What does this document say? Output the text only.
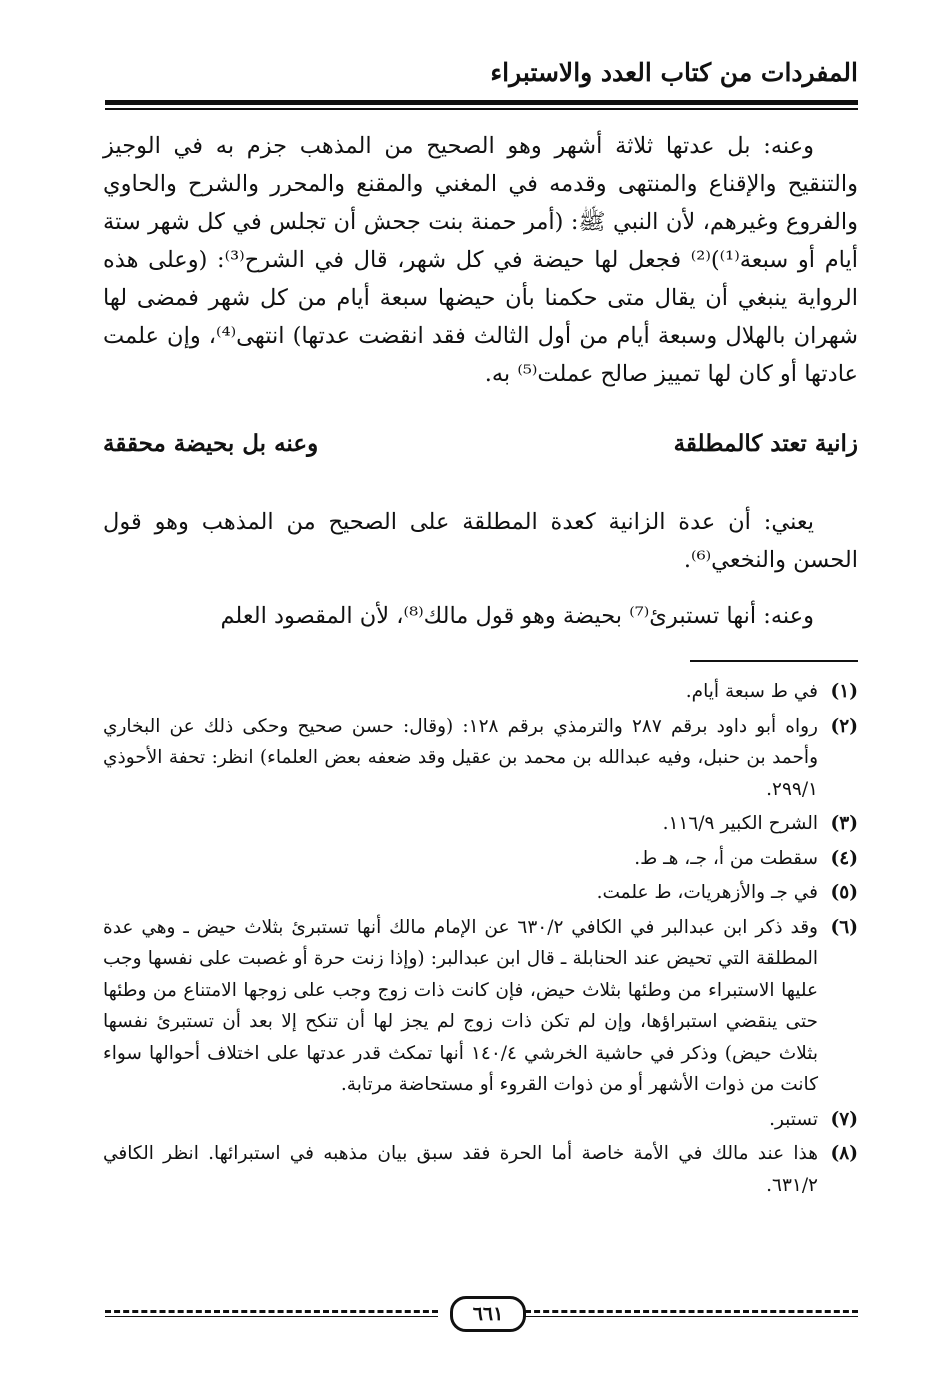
المفردات من كتاب العدد والاستبراء

وعنه: بل عدتها ثلاثة أشهر وهو الصحيح من المذهب جزم به في الوجيز والتنقيح والإقناع والمنتهى وقدمه في المغني والمقنع والمحرر والشرح والحاوي والفروع وغيرهم، لأن النبي ﷺ: (أمر حمنة بنت جحش أن تجلس في كل شهر ستة أيام أو سبعة⁽¹⁾)⁽²⁾ فجعل لها حيضة في كل شهر، قال في الشرح⁽³⁾: (وعلى هذه الرواية ينبغي أن يقال متى حكمنا بأن حيضها سبعة أيام من كل شهر فمضى لها شهران بالهلال وسبعة أيام من أول الثالث فقد انقضت عدتها) انتهى⁽⁴⁾، وإن علمت عادتها أو كان لها تمييز صالح عملت⁽⁵⁾ به.

زانية تعتد كالمطلقة
وعنه بل بحيضة محققة

يعني: أن عدة الزانية كعدة المطلقة على الصحيح من المذهب وهو قول الحسن والنخعي⁽⁶⁾.

وعنه: أنها تستبرئ⁽⁷⁾ بحيضة وهو قول مالك⁽⁸⁾، لأن المقصود العلم

(١)
في ط سبعة أيام.
(٢)
رواه أبو داود برقم ٢٨٧ والترمذي برقم ١٢٨: (وقال: حسن صحيح وحكى ذلك عن البخاري وأحمد بن حنبل، وفيه عبدالله بن محمد بن عقيل وقد ضعفه بعض العلماء) انظر: تحفة الأحوذي ٢٩٩/١.
(٣)
الشرح الكبير ١١٦/٩.
(٤)
سقطت من أ، جـ، هـ ط.
(٥)
في جـ والأزهريات، ط علمت.
(٦)
وقد ذكر ابن عبدالبر في الكافي ٦٣٠/٢ عن الإمام مالك أنها تستبرئ بثلاث حيض ـ وهي عدة المطلقة التي تحيض عند الحنابلة ـ قال ابن عبدالبر: (وإذا زنت حرة أو غصبت على نفسها وجب عليها الاستبراء من وطئها بثلاث حيض، فإن كانت ذات زوج وجب على زوجها الامتناع من وطئها حتى ينقضي استبراؤها، وإن لم تكن ذات زوج لم يجز لها أن تنكح إلا بعد أن تستبرئ نفسها بثلاث حيض) وذكر في حاشية الخرشي ١٤٠/٤ أنها تمكث قدر عدتها على اختلاف أحوالها سواء كانت من ذوات الأشهر أو من ذوات القروء أو مستحاضة مرتابة.
(٧)
تستبر.
(٨)
هذا عند مالك في الأمة خاصة أما الحرة فقد سبق بيان مذهبه في استبرائها. انظر الكافي ٦٣١/٢.
٦٦١
